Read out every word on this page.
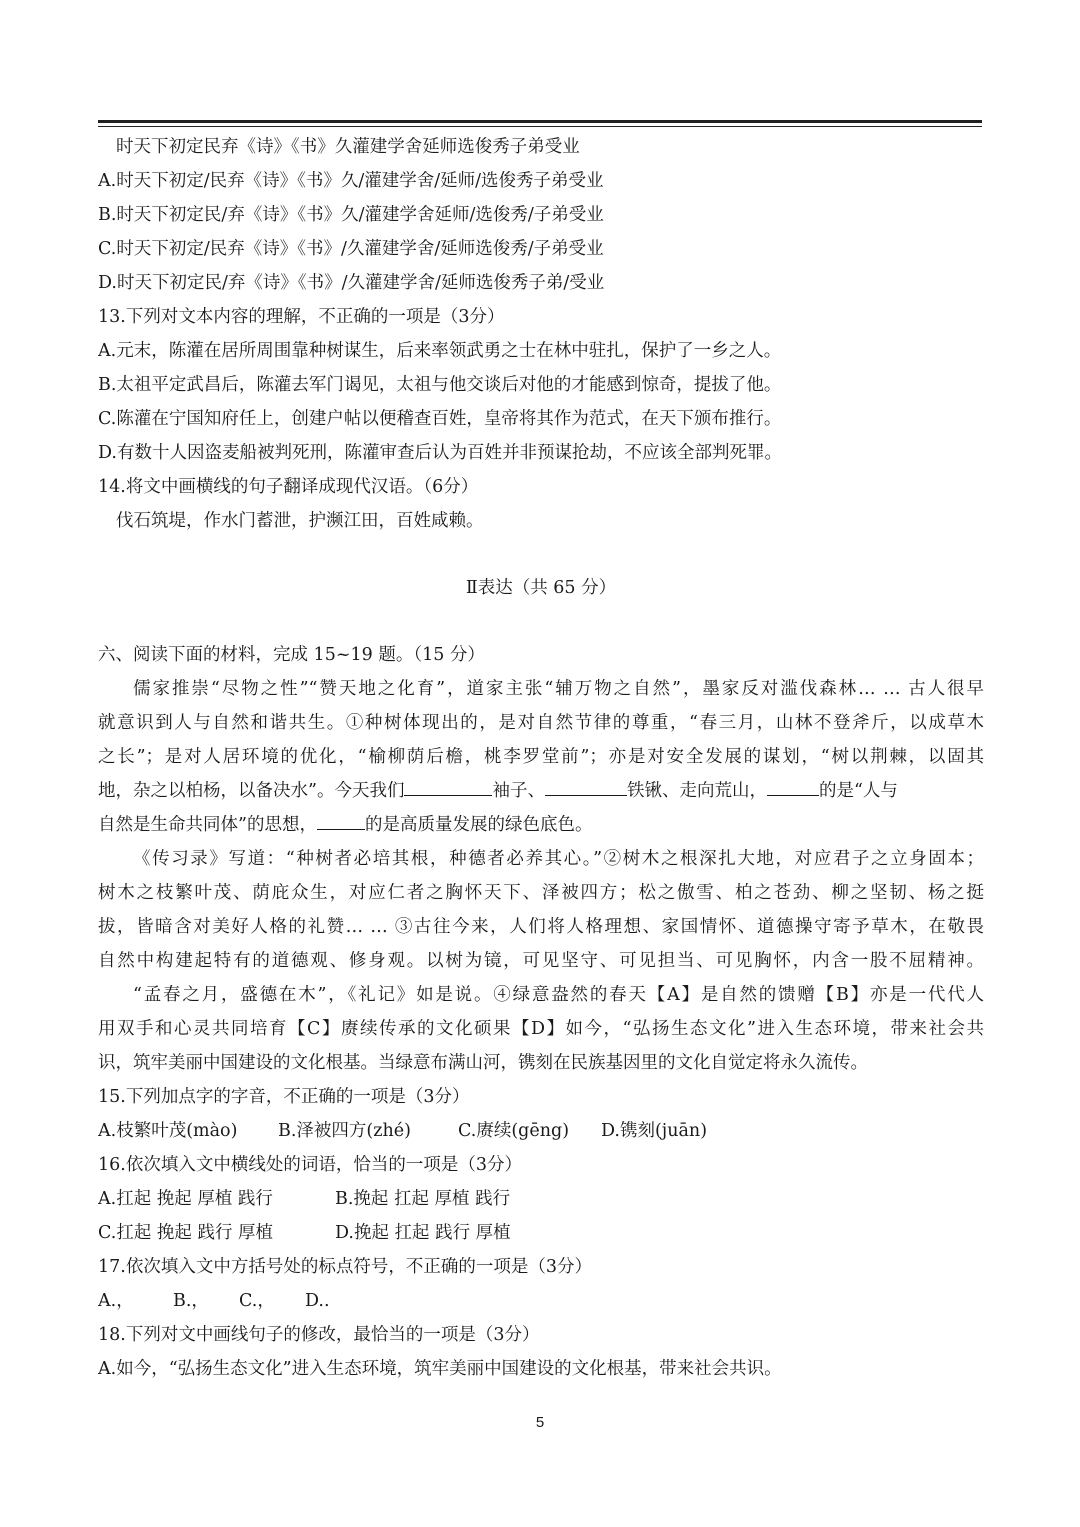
时天下初定民弃《诗》《书》久灌建学舍延师选俊秀子弟受业
A.时天下初定/民弃《诗》《书》久/灌建学舍/延师/选俊秀子弟受业
B.时天下初定民/弃《诗》《书》久/灌建学舍延师/选俊秀/子弟受业
C.时天下初定/民弃《诗》《书》/久灌建学舍/延师选俊秀/子弟受业
D.时天下初定民/弃《诗》《书》/久灌建学舍/延师选俊秀子弟/受业
13.下列对文本内容的理解，不正确的一项是（3分）
A.元末，陈灌在居所周围靠种树谋生，后来率领武勇之士在林中驻扎，保护了一乡之人。
B.太祖平定武昌后，陈灌去军门谒见，太祖与他交谈后对他的才能感到惊奇，提拔了他。
C.陈灌在宁国知府任上，创建户帖以便稽查百姓，皇帝将其作为范式，在天下颁布推行。
D.有数十人因盗麦船被判死刑，陈灌审查后认为百姓并非预谋抢劫，不应该全部判死罪。
14.将文中画横线的句子翻译成现代汉语。（6分）
伐石筑堤，作水门蓄泄，护濒江田，百姓咸赖。
Ⅱ表达（共 65 分）
六、阅读下面的材料，完成 15~19 题。（15 分）
儒家推崇“尽物之性”“赞天地之化育”，道家主张“辅万物之自然”，墨家反对滥伐森林… … 古人很早
就意识到人与自然和谐共生。①种树体现出的，是对自然节律的尊重，“春三月，山林不登斧斤，以成草木
之长”；是对人居环境的优化，“榆柳荫后檐，桃李罗堂前”；亦是对安全发展的谋划，“树以荆棘，以固其
地，杂之以柏杨，以备决水”。今天我们	袖子、	铁锹、走向荒山，	的是“人与
自然是生命共同体”的思想，	的是高质量发展的绿色底色。
《传习录》写道：“种树者必培其根，种德者必养其心。”②树木之根深扎大地，对应君子之立身固本；
树木之枝繁叶茂、荫庇众生，对应仁者之胸怀天下、泽被四方；松之傲雪、柏之苍劲、柳之坚韧、杨之挺
拔，皆暗含对美好人格的礼赞… … ③古往今来，人们将人格理想、家国情怀、道德操守寄予草木，在敬畏
自然中构建起特有的道德观、修身观。以树为镜，可见坚守、可见担当、可见胸怀，内含一股不屈精神。
“孟春之月，盛德在木”，《礼记》如是说。④绿意盎然的春天【A】是自然的馈赠【B】亦是一代代人
用双手和心灵共同培育【C】赓续传承的文化硕果【D】如今，“弘扬生态文化”进入生态环境，带来社会共
识，筑牢美丽中国建设的文化根基。当绿意布满山河，镌刻在民族基因里的文化自觉定将永久流传。
15.下列加点字的字音，不正确的一项是（3分）
A.枝繁叶茂(mào) B.泽被四方(zhé)	C.赓续(gēng) D.镌刻(juān)
16.依次填入文中横线处的词语，恰当的一项是（3分）
A.扛起 挽起 厚植 践行	B.挽起 扛起 厚植 践行
C.扛起 挽起 践行 厚植	D.挽起 扛起 践行 厚植
17.依次填入文中方括号处的标点符号，不正确的一项是（3分）
A.， B.， C.， D..
18.下列对文中画线句子的修改，最恰当的一项是（3分）
A.如今，“弘扬生态文化”进入生态环境，筑牢美丽中国建设的文化根基，带来社会共识。
5
